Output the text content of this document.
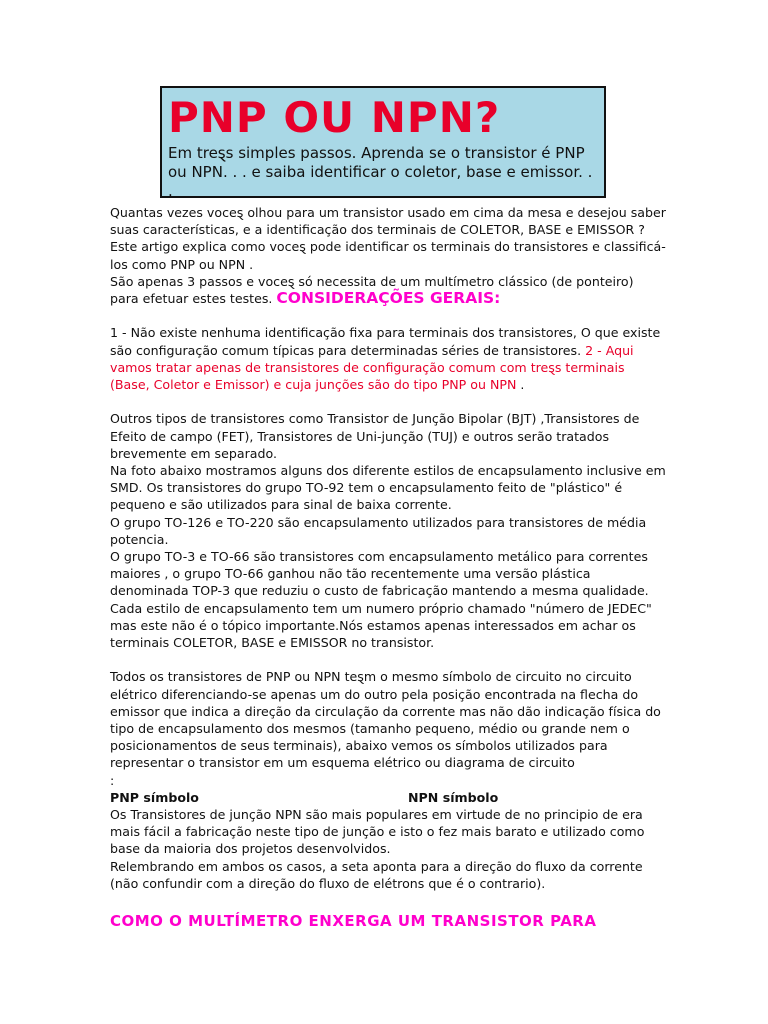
PNP OU NPN?
Em treȿs simples passos. Aprenda se o transistor é PNP ou NPN. . . e saiba identificar o coletor, base e emissor. . .

Quantas vezes voceȿ olhou para um transistor usado em cima da mesa e desejou saber suas características, e a identificação dos terminais de COLETOR, BASE e EMISSOR ? Este artigo explica como voceȿ pode identificar os terminais do transistores e classificá-los como PNP ou NPN .

São apenas 3 passos e voceȿ só necessita de um multímetro clássico (de ponteiro) para efetuar estes testes. CONSIDERAÇÕES GERAIS:

1 - Não existe nenhuma identificação fixa para terminais dos transistores, O que existe são configuração comum típicas para determinadas séries de transistores. 2 - Aqui vamos tratar apenas de transistores de configuração comum com treȿs terminais (Base, Coletor e Emissor) e cuja junções são do tipo PNP ou NPN .

Outros tipos de transistores como Transistor de Junção Bipolar (BJT) ,Transistores de Efeito de campo (FET), Transistores de Uni-junção (TUJ) e outros serão tratados brevemente em separado.

Na foto abaixo mostramos alguns dos diferente estilos de encapsulamento inclusive em SMD. Os transistores do grupo TO-92 tem o encapsulamento feito de "plástico" é pequeno e são utilizados para sinal de baixa corrente.

O grupo TO-126 e TO-220 são encapsulamento utilizados para transistores de média potencia.

O grupo TO-3 e TO-66 são transistores com encapsulamento metálico para correntes maiores , o grupo TO-66 ganhou não tão recentemente uma versão plástica denominada TOP-3 que reduziu o custo de fabricação mantendo a mesma qualidade.

Cada estilo de encapsulamento tem um numero próprio chamado "número de JEDEC" mas este não é o tópico importante.Nós estamos apenas interessados em achar os terminais COLETOR, BASE e EMISSOR no transistor.

Todos os transistores de PNP ou NPN teȿm o mesmo símbolo de circuito no circuito elétrico diferenciando-se apenas um do outro pela posição encontrada na flecha do emissor que indica a direção da circulação da corrente mas não dão indicação física do tipo de encapsulamento dos mesmos (tamanho pequeno, médio ou grande nem o posicionamentos de seus terminais), abaixo vemos os símbolos utilizados para representar o transistor em um esquema elétrico ou diagrama de circuito

:

PNP símbolo	NPN símbolo

Os Transistores de junção NPN são mais populares em virtude de no principio de era mais fácil a fabricação neste tipo de junção e isto o fez mais barato e utilizado como base da maioria dos projetos desenvolvidos.

Relembrando em ambos os casos, a seta aponta para a direção do fluxo da corrente (não confundir com a direção do fluxo de elétrons que é o contrario).

COMO O MULTÍMETRO ENXERGA UM TRANSISTOR PARA
